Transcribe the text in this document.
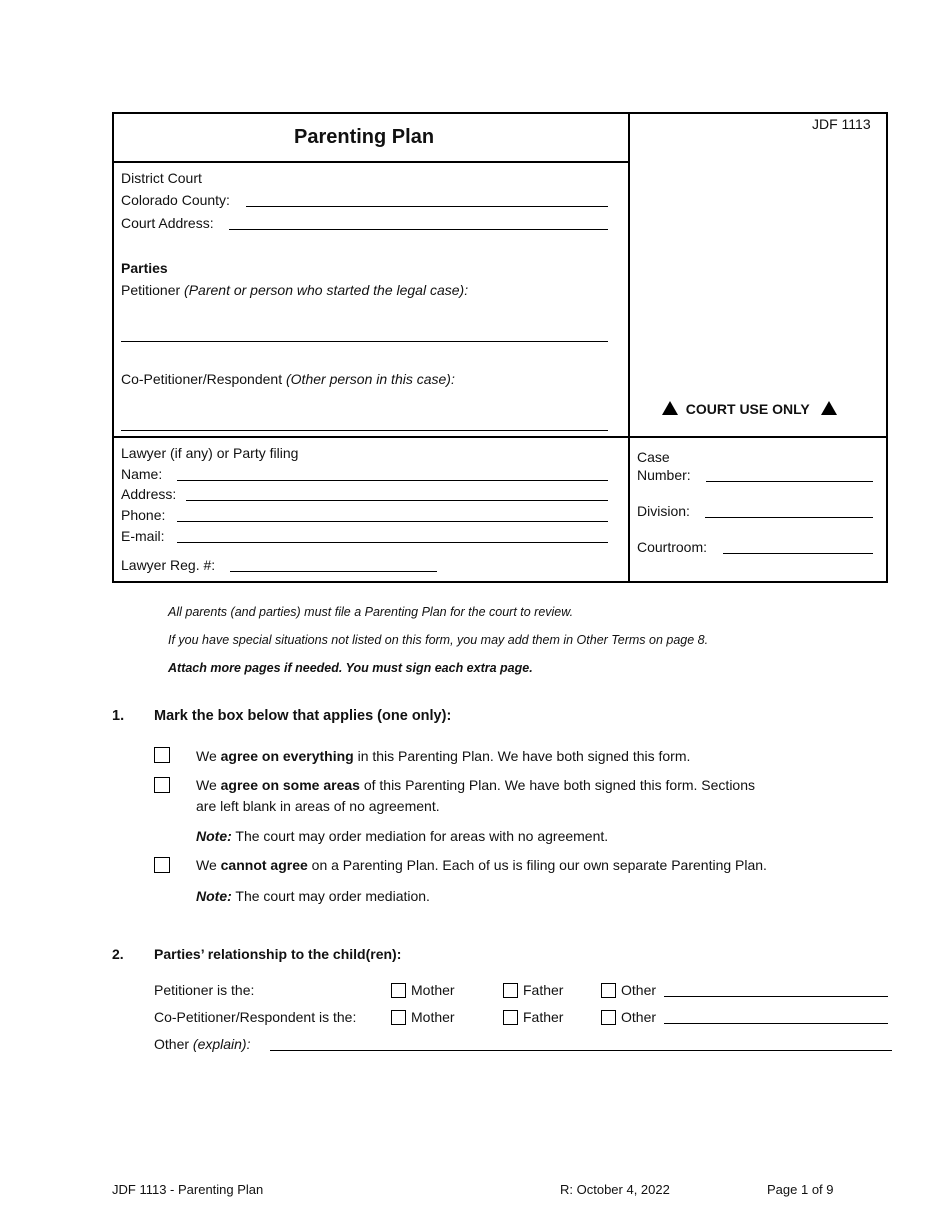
JDF 1113
Parenting Plan
District Court
Colorado County:
Court Address:
Parties
Petitioner (Parent or person who started the legal case):
Co-Petitioner/Respondent (Other person in this case):
COURT USE ONLY
Lawyer (if any) or Party filing
Name:
Address:
Phone:
E-mail:
Lawyer Reg. #:
Case
Number:
Division:
Courtroom:
All parents (and parties) must file a Parenting Plan for the court to review.
If you have special situations not listed on this form, you may add them in Other Terms on page 8.
Attach more pages if needed. You must sign each extra page.
1. Mark the box below that applies (one only):
We agree on everything in this Parenting Plan. We have both signed this form.
We agree on some areas of this Parenting Plan. We have both signed this form. Sections
are left blank in areas of no agreement.
Note: The court may order mediation for areas with no agreement.
We cannot agree on a Parenting Plan. Each of us is filing our own separate Parenting Plan.
Note: The court may order mediation.
2. Parties’ relationship to the child(ren):
Petitioner is the:	Mother	Father	Other
Co-Petitioner/Respondent is the:	Mother	Father	Other
Other (explain):
JDF 1113 - Parenting Plan	R: October 4, 2022	Page 1 of 9
